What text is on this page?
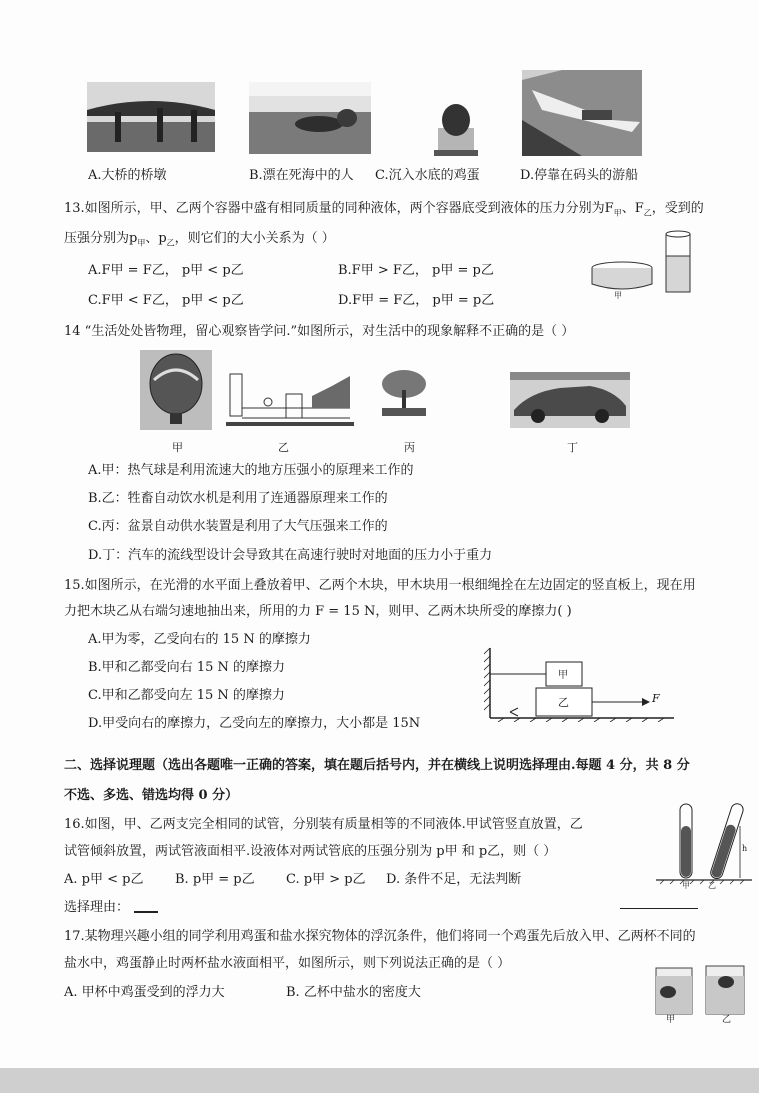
A.大桥的桥墩	B.漂在死海中的人 C.沉入水底的鸡蛋	D.停靠在码头的游船
13.如图所示，甲、乙两个容器中盛有相同质量的同种液体，两个容器底受到液体的压力分别为$F_甲$、$F_乙$，受到的
压强分别为$p_甲$、$p_乙$，则它们的大小关系为（ ）
A.F甲 = F乙， p甲 < p乙	B.F甲 > F乙， p甲 = p乙
C.F甲 < F乙， p甲 < p乙	D.F甲 = F乙， p甲 = p乙	甲
14 “生活处处皆物理，留心观察皆学问.”如图所示，对生活中的现象解释不正确的是（ ）
甲	乙	丙	丁
A.甲：热气球是利用流速大的地方压强小的原理来工作的
B.乙：牲畜自动饮水机是利用了连通器原理来工作的
C.丙：盆景自动供水装置是利用了大气压强来工作的
D.丁：汽车的流线型设计会导致其在高速行驶时对地面的压力小于重力
15.如图所示，在光滑的水平面上叠放着甲、乙两个木块，甲木块用一根细绳拴在左边固定的竖直板上，现在用
力把木块乙从右端匀速地抽出来，所用的力 F = 15 N，则甲、乙两木块所受的摩擦力( )
A.甲为零，乙受向右的 15 N 的摩擦力
B.甲和乙都受向右 15 N 的摩擦力
C.甲和乙都受向左 15 N 的摩擦力
D.甲受向右的摩擦力，乙受向左的摩擦力，大小都是 15N
甲
乙	F
二、选择说理题（选出各题唯一正确的答案，填在题后括号内，并在横线上说明选择理由.每题 4 分，共 8 分
不选、多选、错选均得 0 分）
16.如图，甲、乙两支完全相同的试管，分别装有质量相等的不同液体.甲试管竖直放置，乙
试管倾斜放置，两试管液面相平.设液体对两试管底的压强分别为 p甲 和 p乙，则（ ）
A. p甲 < p乙 B. p甲 = p乙 C. p甲 > p乙 D. 条件不足，无法判断
选择理由：
h
甲 乙
17.某物理兴趣小组的同学利用鸡蛋和盐水探究物体的浮沉条件，他们将同一个鸡蛋先后放入甲、乙两杯不同的
盐水中，鸡蛋静止时两杯盐水液面相平，如图所示，则下列说法正确的是（ ）
A. 甲杯中鸡蛋受到的浮力大	B. 乙杯中盐水的密度大
甲	乙
